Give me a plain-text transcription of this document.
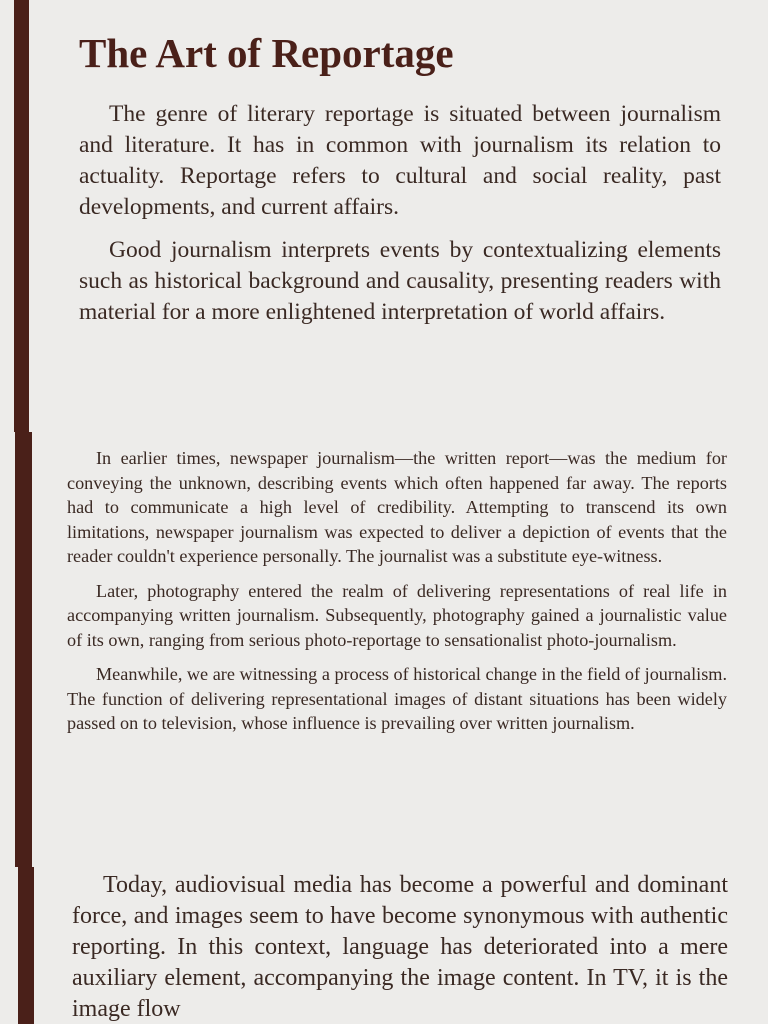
The Art of Reportage

The genre of literary reportage is situated between journalism and literature. It has in common with journalism its relation to actuality. Reportage refers to cultural and social reality, past developments, and current affairs.

Good journalism interprets events by contextualizing elements such as historical background and causality, presenting readers with material for a more enlightened interpretation of world affairs.

In earlier times, newspaper journalism—the written report—was the medium for conveying the unknown, describing events which often happened far away. The reports had to communicate a high level of credibility. Attempting to transcend its own limitations, newspaper journalism was expected to deliver a depiction of events that the reader couldn't experience personally. The journalist was a substitute eye-witness.

Later, photography entered the realm of delivering representations of real life in accompanying written journalism. Subsequently, photography gained a journalistic value of its own, ranging from serious photo-reportage to sensationalist photo-journalism.

Meanwhile, we are witnessing a process of historical change in the field of journalism. The function of delivering representational images of distant situations has been widely passed on to television, whose influence is prevailing over written journalism.

Today, audiovisual media has become a powerful and dominant force, and images seem to have become synonymous with authentic reporting. In this context, language has deteriorated into a mere auxiliary element, accompanying the image content. In TV, it is the image flow
